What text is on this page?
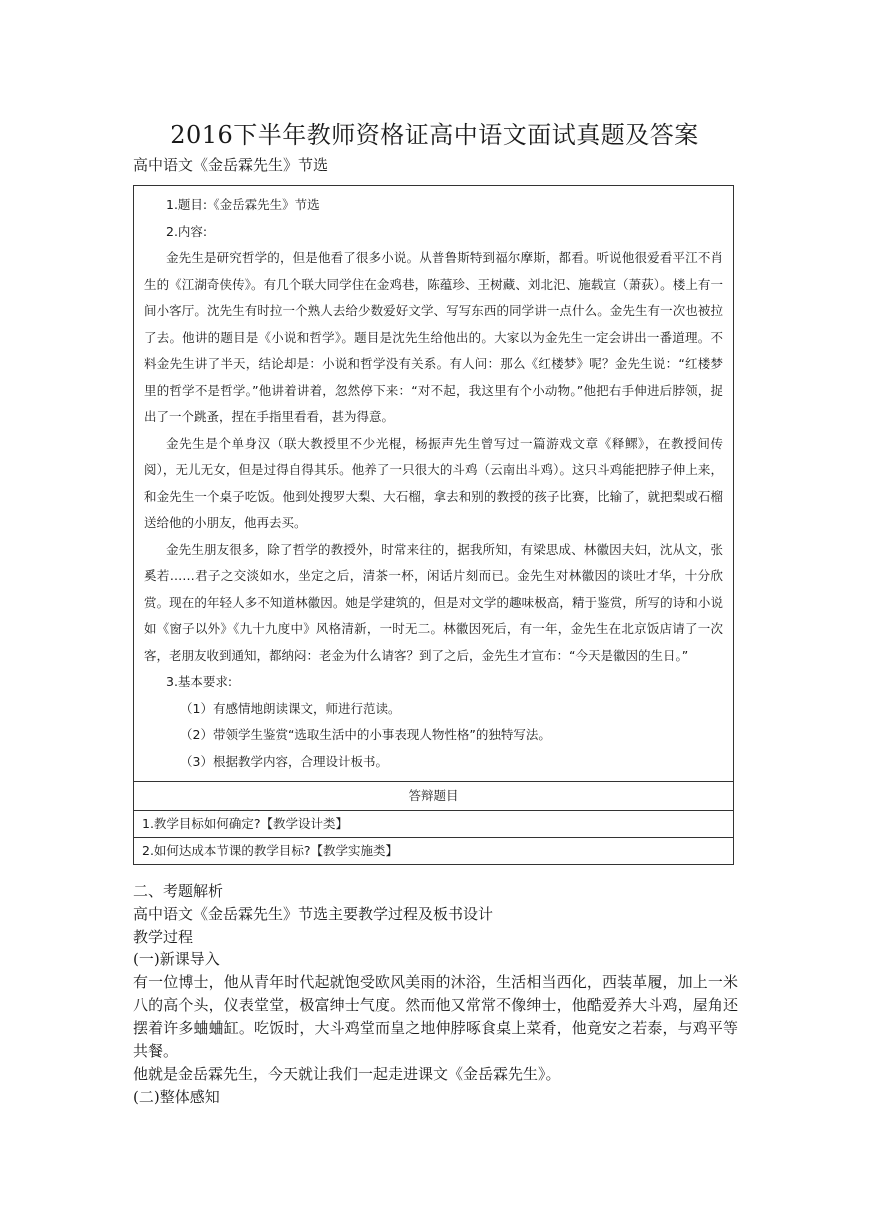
2016下半年教师资格证高中语文面试真题及答案
高中语文《金岳霖先生》节选
1.题目:《金岳霖先生》节选
2.内容:
金先生是研究哲学的，但是他看了很多小说。从普鲁斯特到福尔摩斯，都看。听说他很爱看平江不肖生的《江湖奇侠传》。有几个联大同学住在金鸡巷，陈蕴珍、王树藏、刘北汜、施载宣（萧荻）。楼上有一间小客厅。沈先生有时拉一个熟人去给少数爱好文学、写写东西的同学讲一点什么。金先生有一次也被拉了去。他讲的题目是《小说和哲学》。题目是沈先生给他出的。大家以为金先生一定会讲出一番道理。不料金先生讲了半天，结论却是：小说和哲学没有关系。有人问：那么《红楼梦》呢？金先生说：“红楼梦里的哲学不是哲学。”他讲着讲着，忽然停下来：“对不起，我这里有个小动物。”他把右手伸进后脖领，捉出了一个跳蚤，捏在手指里看看，甚为得意。
金先生是个单身汉（联大教授里不少光棍，杨振声先生曾写过一篇游戏文章《释鳏》，在教授间传阅），无儿无女，但是过得自得其乐。他养了一只很大的斗鸡（云南出斗鸡）。这只斗鸡能把脖子伸上来，和金先生一个桌子吃饭。他到处搜罗大梨、大石榴，拿去和别的教授的孩子比赛，比输了，就把梨或石榴送给他的小朋友，他再去买。
金先生朋友很多，除了哲学的教授外，时常来往的，据我所知，有梁思成、林徽因夫妇，沈从文，张奚若……君子之交淡如水，坐定之后，清茶一杯，闲话片刻而已。金先生对林徽因的谈吐才华，十分欣赏。现在的年轻人多不知道林徽因。她是学建筑的，但是对文学的趣味极高，精于鉴赏，所写的诗和小说如《窗子以外》《九十九度中》风格清新，一时无二。林徽因死后，有一年，金先生在北京饭店请了一次客，老朋友收到通知，都纳闷：老金为什么请客？到了之后，金先生才宣布：“今天是徽因的生日。”
3.基本要求:
（1）有感情地朗读课文，师进行范读。
（2）带领学生鉴赏“选取生活中的小事表现人物性格”的独特写法。
（3）根据教学内容，合理设计板书。
答辩题目
1.教学目标如何确定?【教学设计类】
2.如何达成本节课的教学目标?【教学实施类】
二、考题解析
高中语文《金岳霖先生》节选主要教学过程及板书设计
教学过程
(一)新课导入
有一位博士，他从青年时代起就饱受欧风美雨的沐浴，生活相当西化，西装革履，加上一米八的高个头，仪表堂堂，极富绅士气度。然而他又常常不像绅士，他酷爱养大斗鸡，屋角还摆着许多蛐蛐缸。吃饭时，大斗鸡堂而皇之地伸脖啄食桌上菜肴，他竟安之若泰，与鸡平等共餐。
他就是金岳霖先生，今天就让我们一起走进课文《金岳霖先生》。
(二)整体感知
